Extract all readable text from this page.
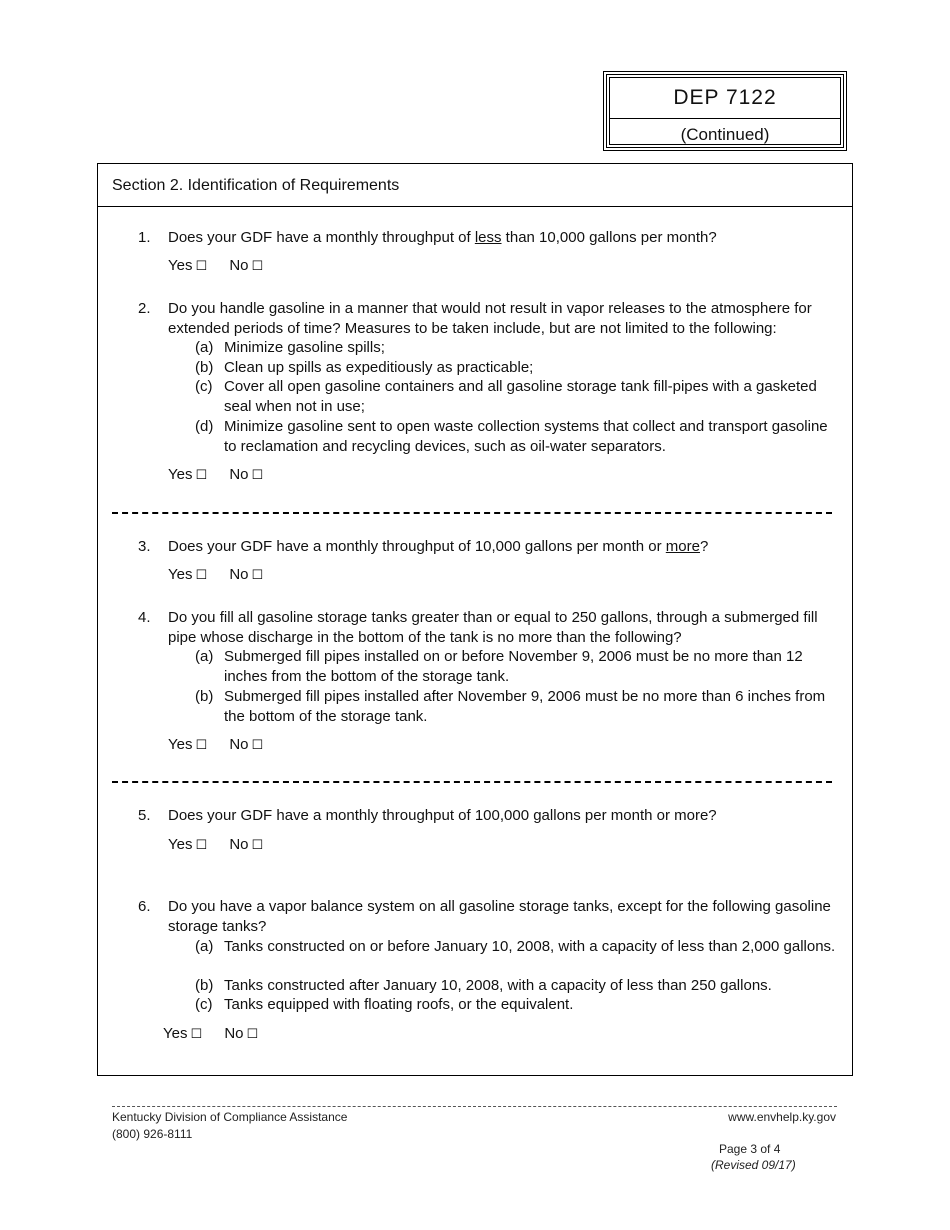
DEP 7122
(Continued)
Section 2. Identification of Requirements
1. Does your GDF have a monthly throughput of less than 10,000 gallons per month?
Yes ☐ No ☐
2. Do you handle gasoline in a manner that would not result in vapor releases to the atmosphere for extended periods of time? Measures to be taken include, but are not limited to the following:
(a) Minimize gasoline spills;
(b) Clean up spills as expeditiously as practicable;
(c) Cover all open gasoline containers and all gasoline storage tank fill-pipes with a gasketed seal when not in use;
(d) Minimize gasoline sent to open waste collection systems that collect and transport gasoline to reclamation and recycling devices, such as oil-water separators.
Yes ☐ No ☐
3. Does your GDF have a monthly throughput of 10,000 gallons per month or more?
Yes ☐ No ☐
4. Do you fill all gasoline storage tanks greater than or equal to 250 gallons, through a submerged fill pipe whose discharge in the bottom of the tank is no more than the following?
(a) Submerged fill pipes installed on or before November 9, 2006 must be no more than 12 inches from the bottom of the storage tank.
(b) Submerged fill pipes installed after November 9, 2006 must be no more than 6 inches from the bottom of the storage tank.
Yes ☐ No ☐
5. Does your GDF have a monthly throughput of 100,000 gallons per month or more?
Yes ☐ No ☐
6. Do you have a vapor balance system on all gasoline storage tanks, except for the following gasoline storage tanks?
(a) Tanks constructed on or before January 10, 2008, with a capacity of less than 2,000 gallons.
(b) Tanks constructed after January 10, 2008, with a capacity of less than 250 gallons.
(c) Tanks equipped with floating roofs, or the equivalent.
Yes ☐ No ☐
Kentucky Division of Compliance Assistance
(800) 926-8111
www.envhelp.ky.gov
Page 3 of 4
(Revised 09/17)
